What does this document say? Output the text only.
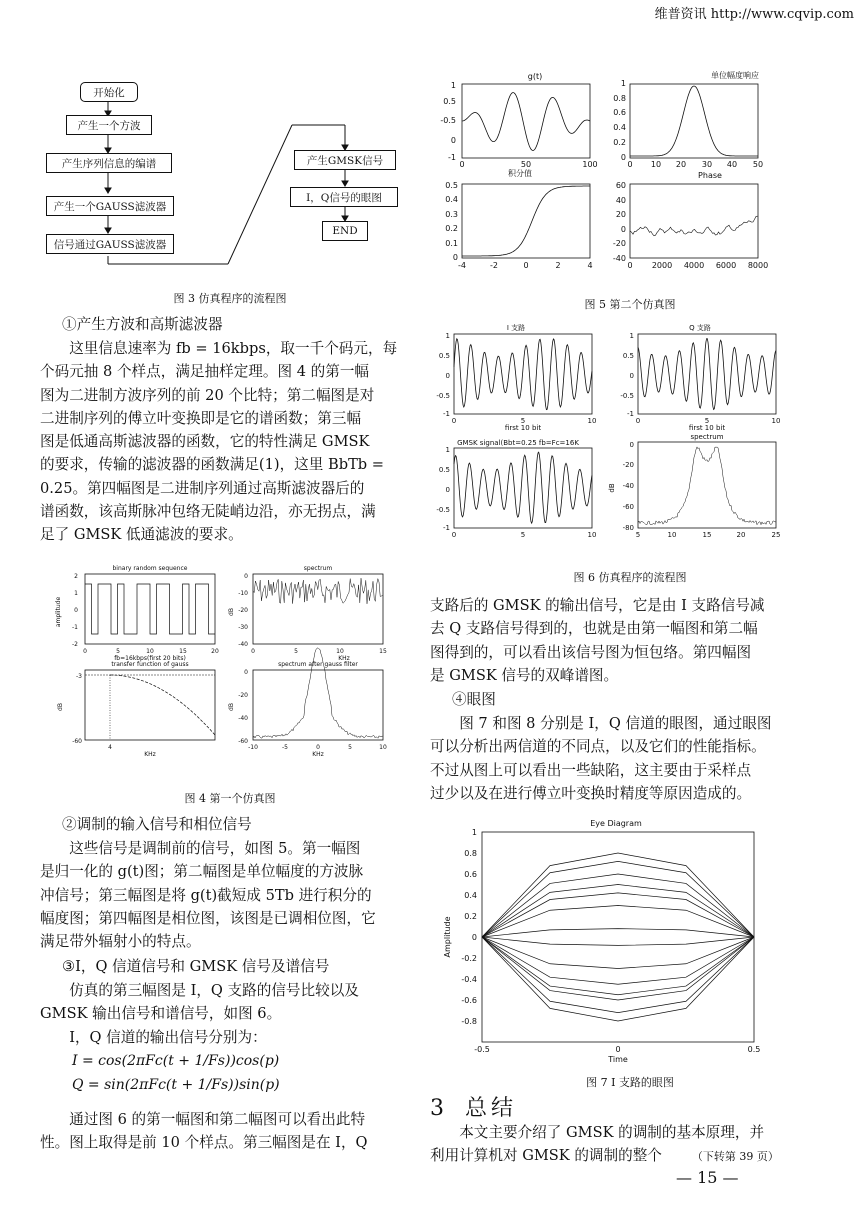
维普资讯 http://www.cqvip.com
开始化
产生一个方波
产生序列信息的编谱
产生一个GAUSS滤波器
信号通过GAUSS滤波器
产生GMSK信号
I，Q信号的眼图
END
图 3 仿真程序的流程图
①产生方波和高斯滤波器

这里信息速率为 fb = 16kbps，取一千个码元，每

个码元抽 8 个样点，满足抽样定理。图 4 的第一幅

图为二进制方波序列的前 20 个比特；第二幅图是对

二进制序列的傅立叶变换即是它的谱函数；第三幅

图是低通高斯滤波器的函数，它的特性满足 GMSK

的要求，传输的滤波器的函数满足(1)，这里 BbTb =

0.25。第四幅图是二进制序列通过高斯滤波器后的

谱函数，该高斯脉冲包络无陡峭边沿，亦无拐点，满

足了 GMSK 低通滤波的要求。

binary random sequence
amplitude
2
1
0
-1
-2
0	5	10	15	20
fb=16kbps(first 20 bits)
transfer function of gauss
spectrum
dB
0
-10
-20
-30
-40
0	5	10	15
KHz
spectrum after gauss filter
dB
-3
-60
4
KHz
dB
0
-20
-40
-60
-10	-5	0	5	10
KHz
图 4 第一个仿真图
②调制的输入信号和相位信号

这些信号是调制前的信号，如图 5。第一幅图

是归一化的 g(t)图；第二幅图是单位幅度的方波脉

冲信号；第三幅图是将 g(t)截短成 5Tb 进行积分的

幅度图；第四幅图是相位图，该图是已调相位图，它

满足带外辐射小的特点。

③I，Q 信道信号和 GMSK 信号及谱信号

仿真的第三幅图是 I，Q 支路的信号比较以及

GMSK 输出信号和谱信号，如图 6。

I，Q 信道的输出信号分别为：

I = cos(2πFc(t + 1/Fs))cos(p)
Q = sin(2πFc(t + 1/Fs))sin(p)

通过图 6 的第一幅图和第二幅图可以看出此特

性。图上取得是前 10 个样点。第三幅图是在 I，Q

g(t)	单位幅度响应
积分值	Phase
1
0.5
-0.5
0
-1
0	50	100
1
0.8
0.6
0.4
0.2
0
0 10 20 30 40 50
0.5
0.4
0.3
0.2
0.1
0
-4	-2	0	2	4
60
40
20
0
-20
-40
0 2000 4000 6000 8000
图 5 第二个仿真图
I 支路	Q 支路
GMSK signal(Bbt=0.25 fb=Fc=16K
spectrum
1
0.5
0
-0.5
-1
0	5	10
first 10 bit
1
0.5
0
-0.5
-1
0	5	10
first 10 bit
1
0.5
0
-0.5
-1
0	5	10
dB
0
-20
-40
-60
-80
5	10	15	20	25
图 6 仿真程序的流程图

支路后的 GMSK 的输出信号，它是由 I 支路信号减

去 Q 支路信号得到的，也就是由第一幅图和第二幅

图得到的，可以看出该信号图为恒包络。第四幅图

是 GMSK 信号的双峰谱图。

④眼图

图 7 和图 8 分别是 I，Q 信道的眼图，通过眼图

可以分析出两信道的不同点，以及它们的性能指标。

不过从图上可以看出一些缺陷，这主要由于采样点

过少以及在进行傅立叶变换时精度等原因造成的。

Eye Diagram
Amplitude
1
0.8
0.6
0.4
0.2
0
-0.2
-0.4
-0.6
-0.8
-0.5	0	0.5
Time
图 7 I 支路的眼图
3 总结

本文主要介绍了 GMSK 的调制的基本原理，并

利用计算机对 GMSK 的调制的整个	（下转第 39 页）

— 15 —
